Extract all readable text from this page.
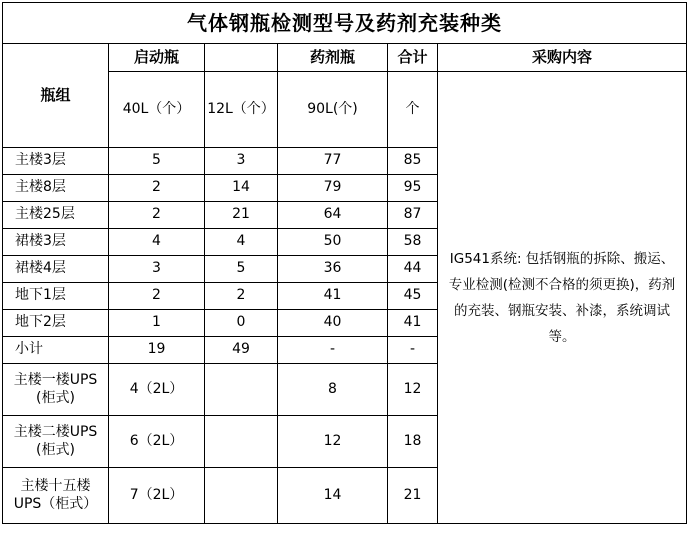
气体钢瓶检测型号及药剂充装种类					
瓶组	启动瓶		药剂瓶	合计	采购内容
	40L（个）	12L（个）	90L(个)	个	IG541系统: 包括钢瓶的拆除、搬运、专业检测(检测不合格的须更换)，药剂的充装、钢瓶安装、补漆，系统调试等。
主楼3层	5	3	77	85	
主楼8层	2	14	79	95	
主楼25层	2	21	64	87	
裙楼3层	4	4	50	58	
裙楼4层	3	5	36	44	
地下1层	2	2	41	45	
地下2层	1	0	40	41	
小计	19	49	-	-	

主楼一楼UPS
(柜式)	4（2L）		8	12	

主楼二楼UPS
(柜式)	6（2L）		12	18	

主楼十五楼
UPS（柜式）	7（2L）		14	21	
